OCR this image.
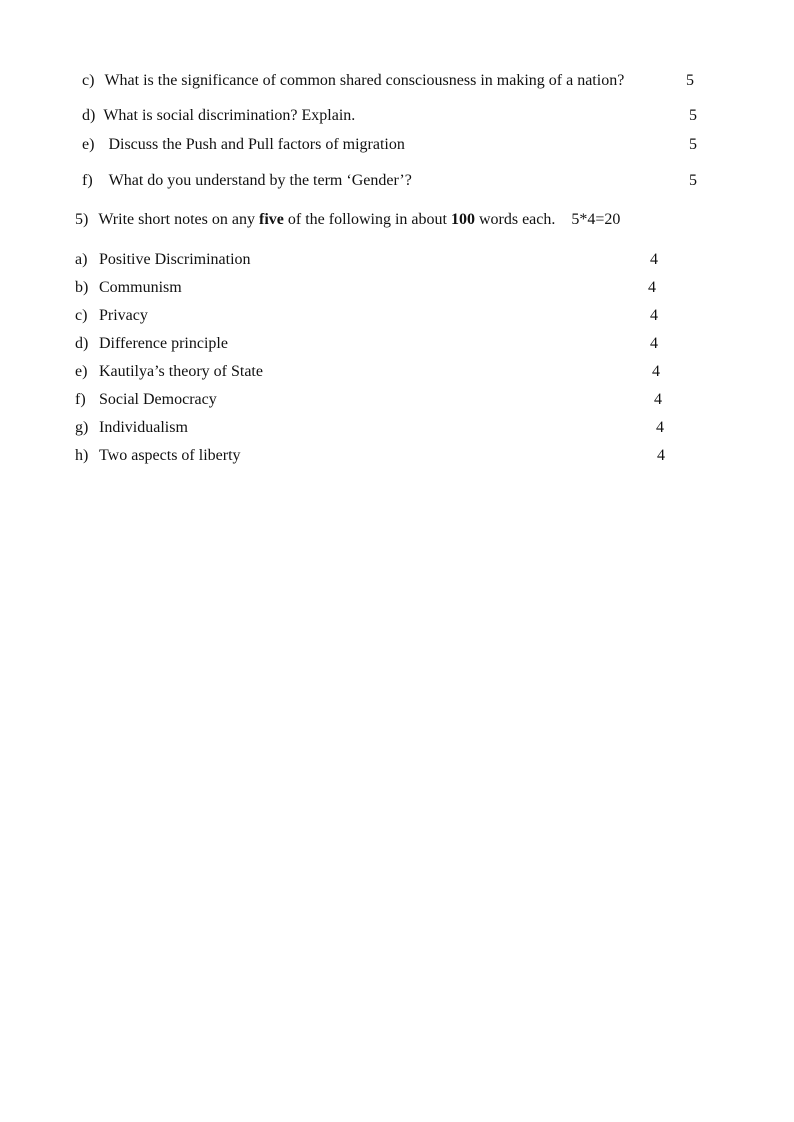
c) What is the significance of common shared consciousness in making of a nation?	5
d) What is social discrimination? Explain.	5
e) Discuss the Push and Pull factors of migration	5
f) What do you understand by the term ‘Gender’?	5
5) Write short notes on any five of the following in about 100 words each. 5*4=20
a) Positive Discrimination	4
b) Communism	4
c) Privacy	4
d) Difference principle	4
e) Kautilya’s theory of State	4
f) Social Democracy	4
g) Individualism	4
h) Two aspects of liberty	4
